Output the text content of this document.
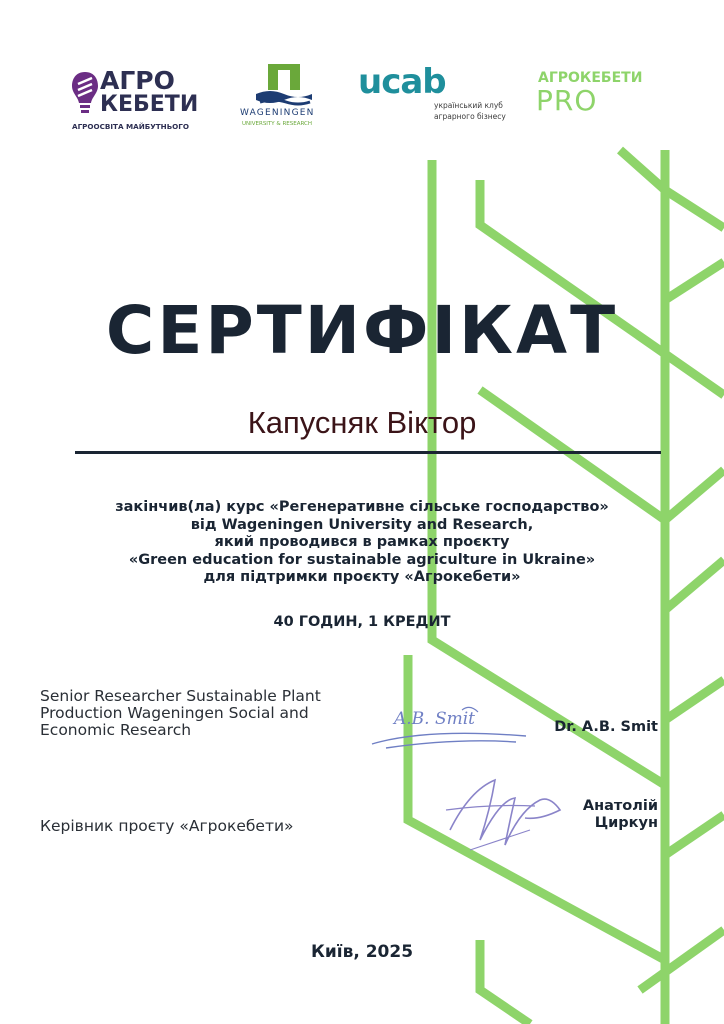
АГРО
КЕБЕТИ
АГРООСВІТА МАЙБУТНЬОГО
WAGENINGEN
UNIVERSITY & RESEARCH
ucab
український клуб
аграрного бізнесу
АГРОКЕБЕТИ
PRO
СЕРТИФІКАТ
Капусняк Віктор
закінчив(ла) курс «Регенеративне сільське господарство»
від Wageningen University and Research,
який проводився в рамках проєкту
«Green education for sustainable agriculture in Ukraine»
для підтримки проєкту «Агрокебети»
40 ГОДИН, 1 КРЕДИТ
Senior Researcher Sustainable Plant Production Wageningen Social and Economic Research
A.B. Smit	Dr. A.B. Smit
Керівник проєту «Агрокебети»
Анатолій
Циркун
Київ, 2025
